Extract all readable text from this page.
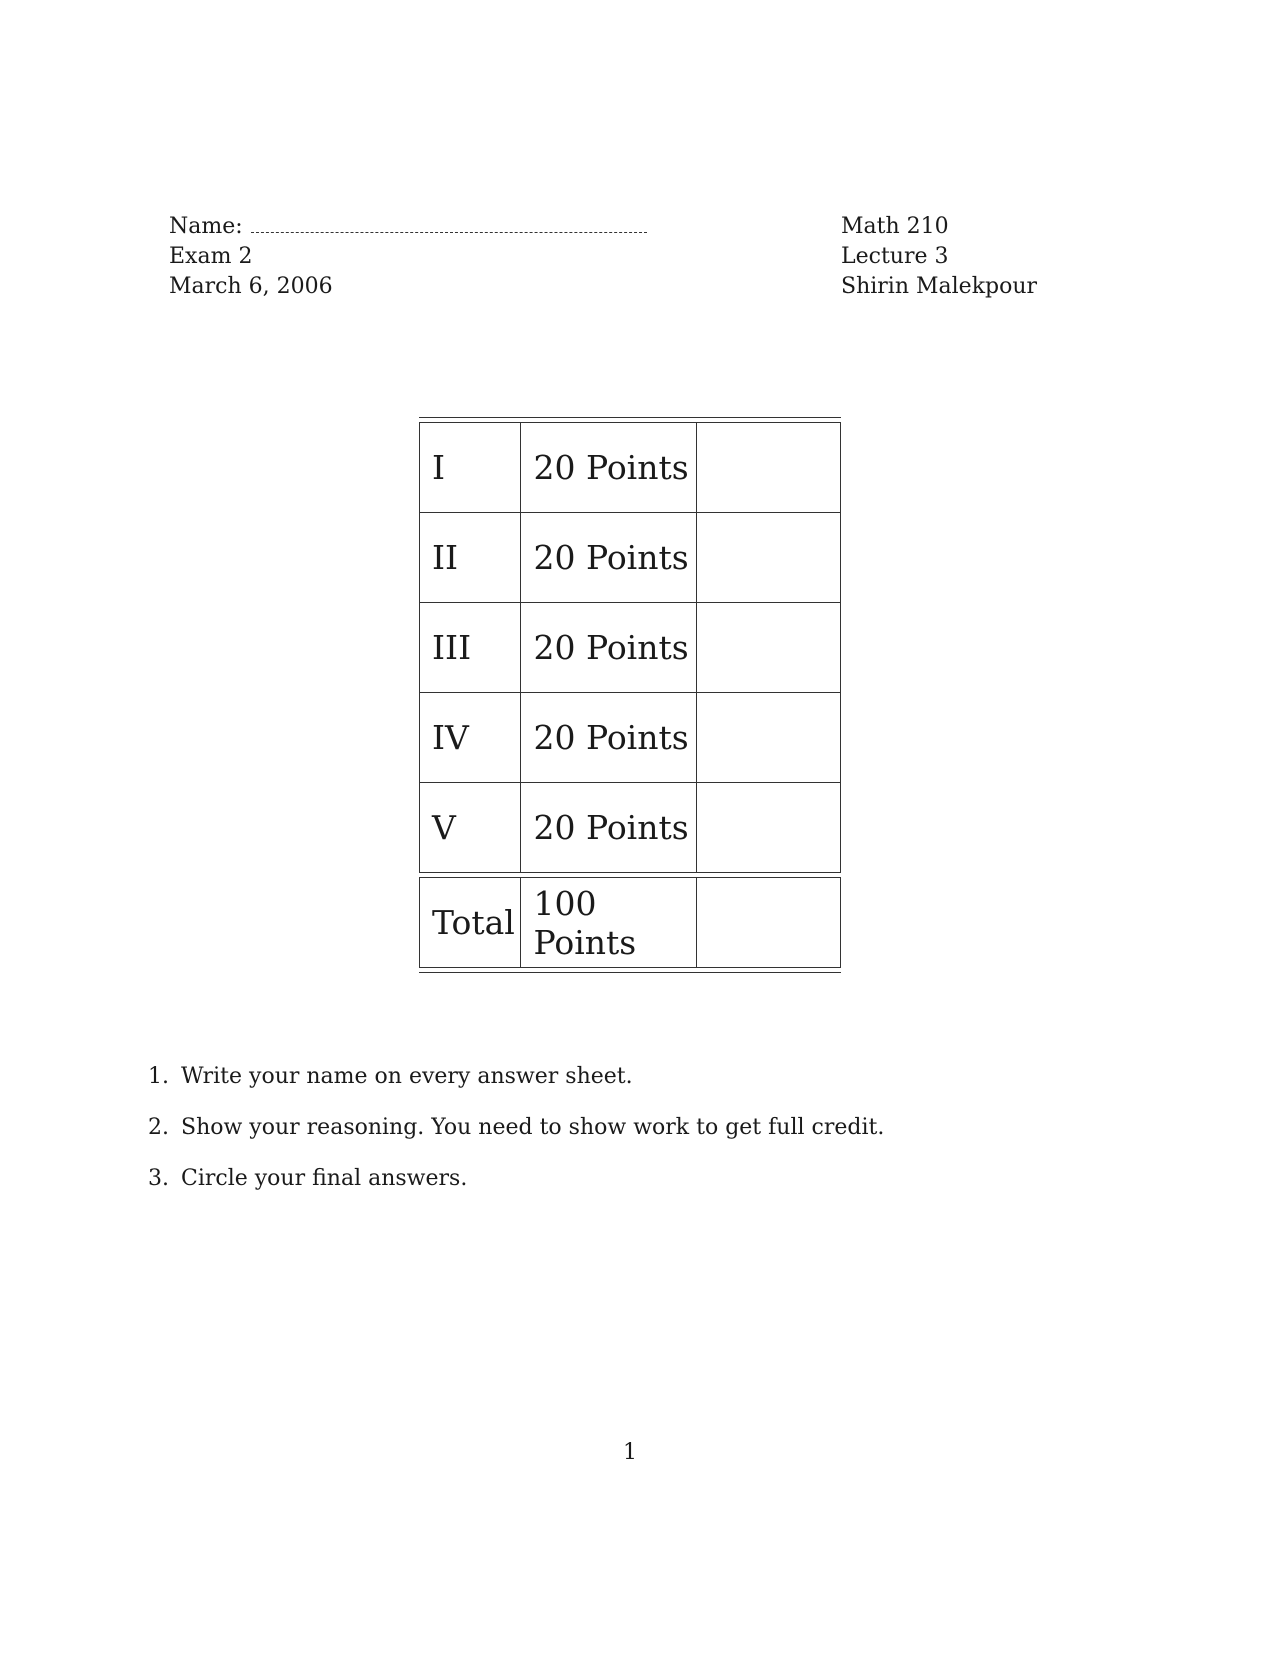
Name:
Exam 2
March 6, 2006
Math 210
Lecture 3
Shirin Malekpour
I	20 Points	
II	20 Points	
III	20 Points	
IV	20 Points	
V	20 Points	

Total	100 Points	
1. Write your name on every answer sheet.
2. Show your reasoning. You need to show work to get full credit.
3. Circle your final answers.
1
